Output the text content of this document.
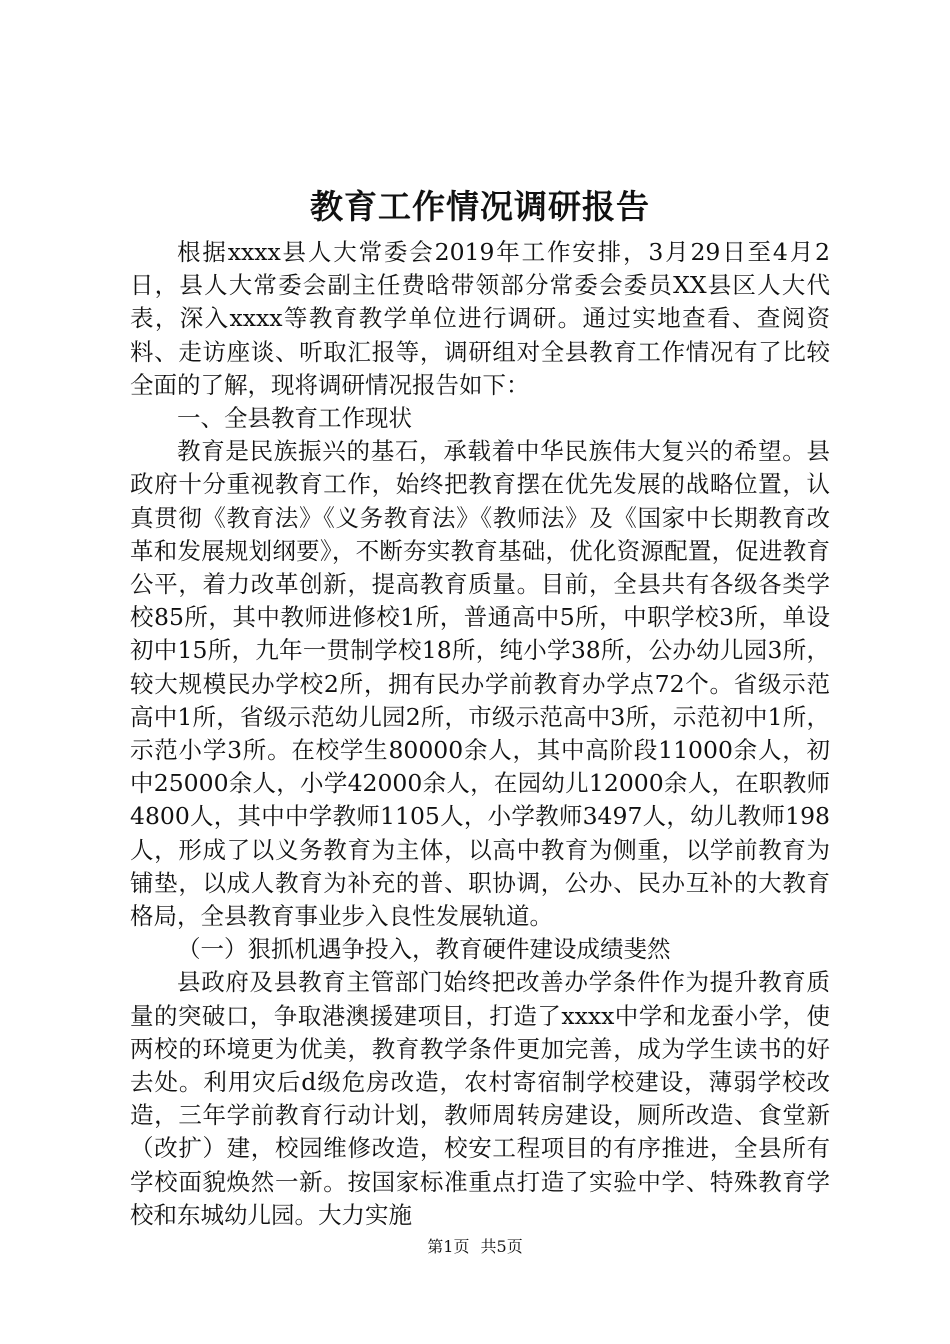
教育工作情况调研报告

根据xxxx县人大常委会2019年工作安排，3月29日至4月2日，县人大常委会副主任费晗带领部分常委会委员XX县区人大代表，深入xxxx等教育教学单位进行调研。通过实地查看、查阅资料、走访座谈、听取汇报等，调研组对全县教育工作情况有了比较全面的了解，现将调研情况报告如下：

一、全县教育工作现状

教育是民族振兴的基石，承载着中华民族伟大复兴的希望。县政府十分重视教育工作，始终把教育摆在优先发展的战略位置，认真贯彻《教育法》《义务教育法》《教师法》及《国家中长期教育改革和发展规划纲要》，不断夯实教育基础，优化资源配置，促进教育公平，着力改革创新，提高教育质量。目前，全县共有各级各类学校85所，其中教师进修校1所，普通高中5所，中职学校3所，单设初中15所，九年一贯制学校18所，纯小学38所，公办幼儿园3所，较大规模民办学校2所，拥有民办学前教育办学点72个。省级示范高中1所，省级示范幼儿园2所，市级示范高中3所，示范初中1所，示范小学3所。在校学生80000余人，其中高阶段11000余人，初中25000余人，小学42000余人，在园幼儿12000余人，在职教师4800人，其中中学教师1105人，小学教师3497人，幼儿教师198人，形成了以义务教育为主体，以高中教育为侧重，以学前教育为铺垫，以成人教育为补充的普、职协调，公办、民办互补的大教育格局，全县教育事业步入良性发展轨道。

（一）狠抓机遇争投入，教育硬件建设成绩斐然

县政府及县教育主管部门始终把改善办学条件作为提升教育质量的突破口，争取港澳援建项目，打造了xxxx中学和龙蚕小学，使两校的环境更为优美，教育教学条件更加完善，成为学生读书的好去处。利用灾后d级危房改造，农村寄宿制学校建设，薄弱学校改造，三年学前教育行动计划，教师周转房建设，厕所改造、食堂新（改扩）建，校园维修改造，校安工程项目的有序推进，全县所有学校面貌焕然一新。按国家标准重点打造了实验中学、特殊教育学校和东城幼儿园。大力实施

第1页 共5页
